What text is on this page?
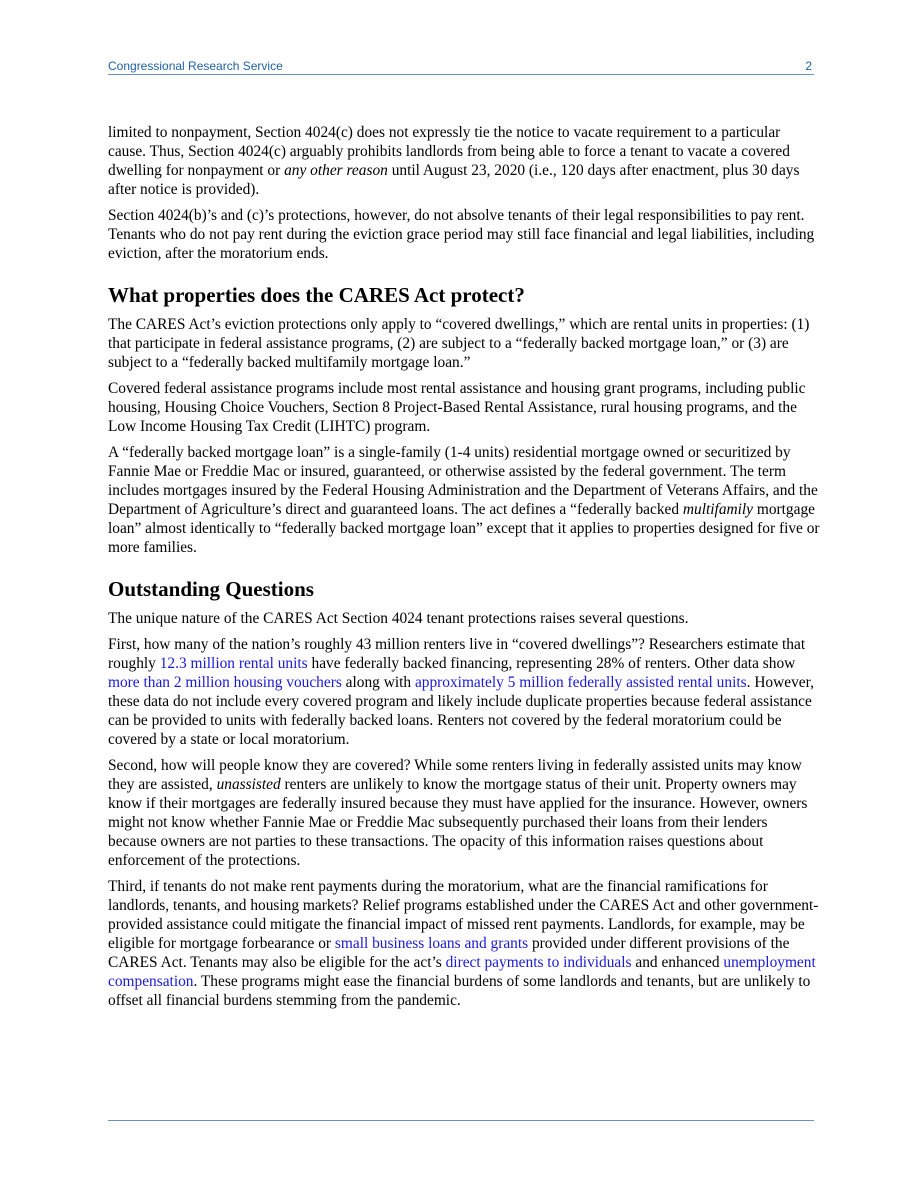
Congressional Research Service	2

limited to nonpayment, Section 4024(c) does not expressly tie the notice to vacate requirement to a particular cause. Thus, Section 4024(c) arguably prohibits landlords from being able to force a tenant to vacate a covered dwelling for nonpayment or any other reason until August 23, 2020 (i.e., 120 days after enactment, plus 30 days after notice is provided).

Section 4024(b)’s and (c)’s protections, however, do not absolve tenants of their legal responsibilities to pay rent. Tenants who do not pay rent during the eviction grace period may still face financial and legal liabilities, including eviction, after the moratorium ends.

What properties does the CARES Act protect?

The CARES Act’s eviction protections only apply to “covered dwellings,” which are rental units in properties: (1) that participate in federal assistance programs, (2) are subject to a “federally backed mortgage loan,” or (3) are subject to a “federally backed multifamily mortgage loan.”

Covered federal assistance programs include most rental assistance and housing grant programs, including public housing, Housing Choice Vouchers, Section 8 Project-Based Rental Assistance, rural housing programs, and the Low Income Housing Tax Credit (LIHTC) program.

A “federally backed mortgage loan” is a single-family (1-4 units) residential mortgage owned or securitized by Fannie Mae or Freddie Mac or insured, guaranteed, or otherwise assisted by the federal government. The term includes mortgages insured by the Federal Housing Administration and the Department of Veterans Affairs, and the Department of Agriculture’s direct and guaranteed loans. The act defines a “federally backed multifamily mortgage loan” almost identically to “federally backed mortgage loan” except that it applies to properties designed for five or more families.

Outstanding Questions

The unique nature of the CARES Act Section 4024 tenant protections raises several questions.

First, how many of the nation’s roughly 43 million renters live in “covered dwellings”? Researchers estimate that roughly 12.3 million rental units have federally backed financing, representing 28% of renters. Other data show more than 2 million housing vouchers along with approximately 5 million federally assisted rental units. However, these data do not include every covered program and likely include duplicate properties because federal assistance can be provided to units with federally backed loans. Renters not covered by the federal moratorium could be covered by a state or local moratorium.

Second, how will people know they are covered? While some renters living in federally assisted units may know they are assisted, unassisted renters are unlikely to know the mortgage status of their unit. Property owners may know if their mortgages are federally insured because they must have applied for the insurance. However, owners might not know whether Fannie Mae or Freddie Mac subsequently purchased their loans from their lenders because owners are not parties to these transactions. The opacity of this information raises questions about enforcement of the protections.

Third, if tenants do not make rent payments during the moratorium, what are the financial ramifications for landlords, tenants, and housing markets? Relief programs established under the CARES Act and other government-provided assistance could mitigate the financial impact of missed rent payments. Landlords, for example, may be eligible for mortgage forbearance or small business loans and grants provided under different provisions of the CARES Act. Tenants may also be eligible for the act’s direct payments to individuals and enhanced unemployment compensation. These programs might ease the financial burdens of some landlords and tenants, but are unlikely to offset all financial burdens stemming from the pandemic.
